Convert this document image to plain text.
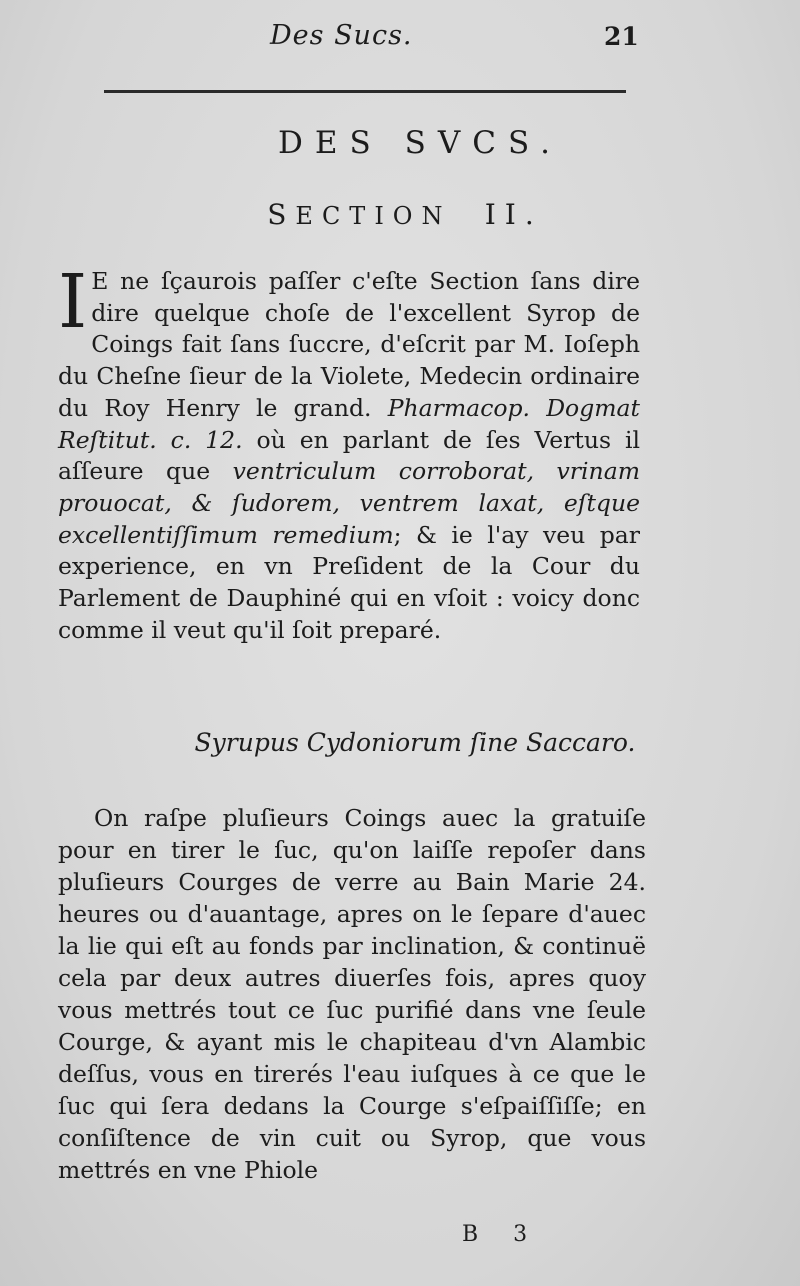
Des Sucs.	21
DES SVCS.
SECTION II.
I E ne ſçaurois paſſer c'eſte Section ſans dire dire quelque choſe de l'excellent Syrop de Coings fait ſans ſuccre, d'eſcrit par M. Ioſeph du Cheſne ſieur de la Violete, Medecin ordinaire du Roy Henry le grand. Pharmacop. Dogmat Reſtitut. c. 12. où en parlant de ſes Vertus il aſſeure que ventriculum corroborat, vrinam prouocat, & ſudorem, ventrem laxat, eſtque excellentiſſimum remedium; & ie l'ay veu par experience, en vn Preſident de la Cour du Parlement de Dauphiné qui en vſoit : voicy donc comme il veut qu'il ſoit preparé.
Syrupus Cydoniorum ſine Saccaro.
On raſpe pluſieurs Coings auec la gratuiſe pour en tirer le ſuc, qu'on laiſſe repoſer dans pluſieurs Courges de verre au Bain Marie 24. heures ou d'auantage, apres on le ſepare d'auec la lie qui eſt au fonds par inclination, & continuë cela par deux autres diuerſes fois, apres quoy vous mettrés tout ce ſuc purifié dans vne ſeule Courge, & ayant mis le chapiteau d'vn Alambic deſſus, vous en tirerés l'eau iuſques à ce que le ſuc qui ſera dedans la Courge s'eſpaiſſiſſe; en conſiſtence de vin cuit ou Syrop, que vous mettrés en vne Phiole
B 3
